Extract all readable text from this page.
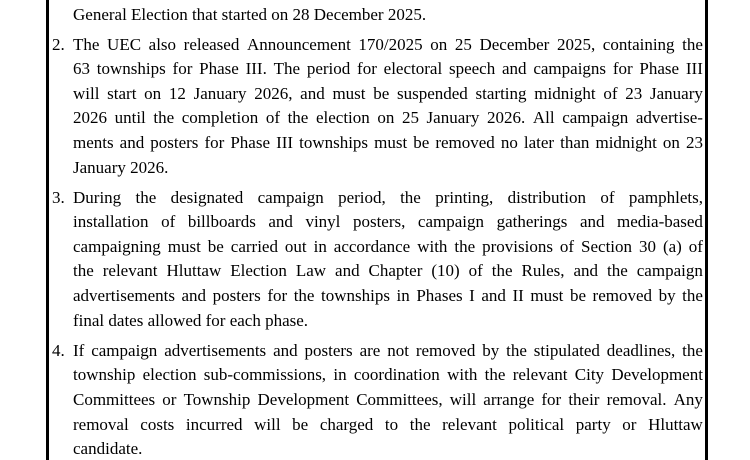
General Election that started on 28 December 2025.
2. The UEC also released Announcement 170/2025 on 25 December 2025, containing the
63 townships for Phase III. The period for electoral speech and campaigns for Phase III
will start on 12 January 2026, and must be suspended starting midnight of 23 January
2026 until the completion of the election on 25 January 2026. All campaign advertise-
ments and posters for Phase III townships must be removed no later than midnight on 23
January 2026.
3. During the designated campaign period, the printing, distribution of pamphlets,
installation of billboards and vinyl posters, campaign gatherings and media-based
campaigning must be carried out in accordance with the provisions of Section 30 (a) of
the relevant Hluttaw Election Law and Chapter (10) of the Rules, and the campaign
advertisements and posters for the townships in Phases I and II must be removed by the
final dates allowed for each phase.
4. If campaign advertisements and posters are not removed by the stipulated deadlines, the
township election sub-commissions, in coordination with the relevant City Development
Committees or Township Development Committees, will arrange for their removal. Any
removal costs incurred will be charged to the relevant political party or Hluttaw
candidate.
